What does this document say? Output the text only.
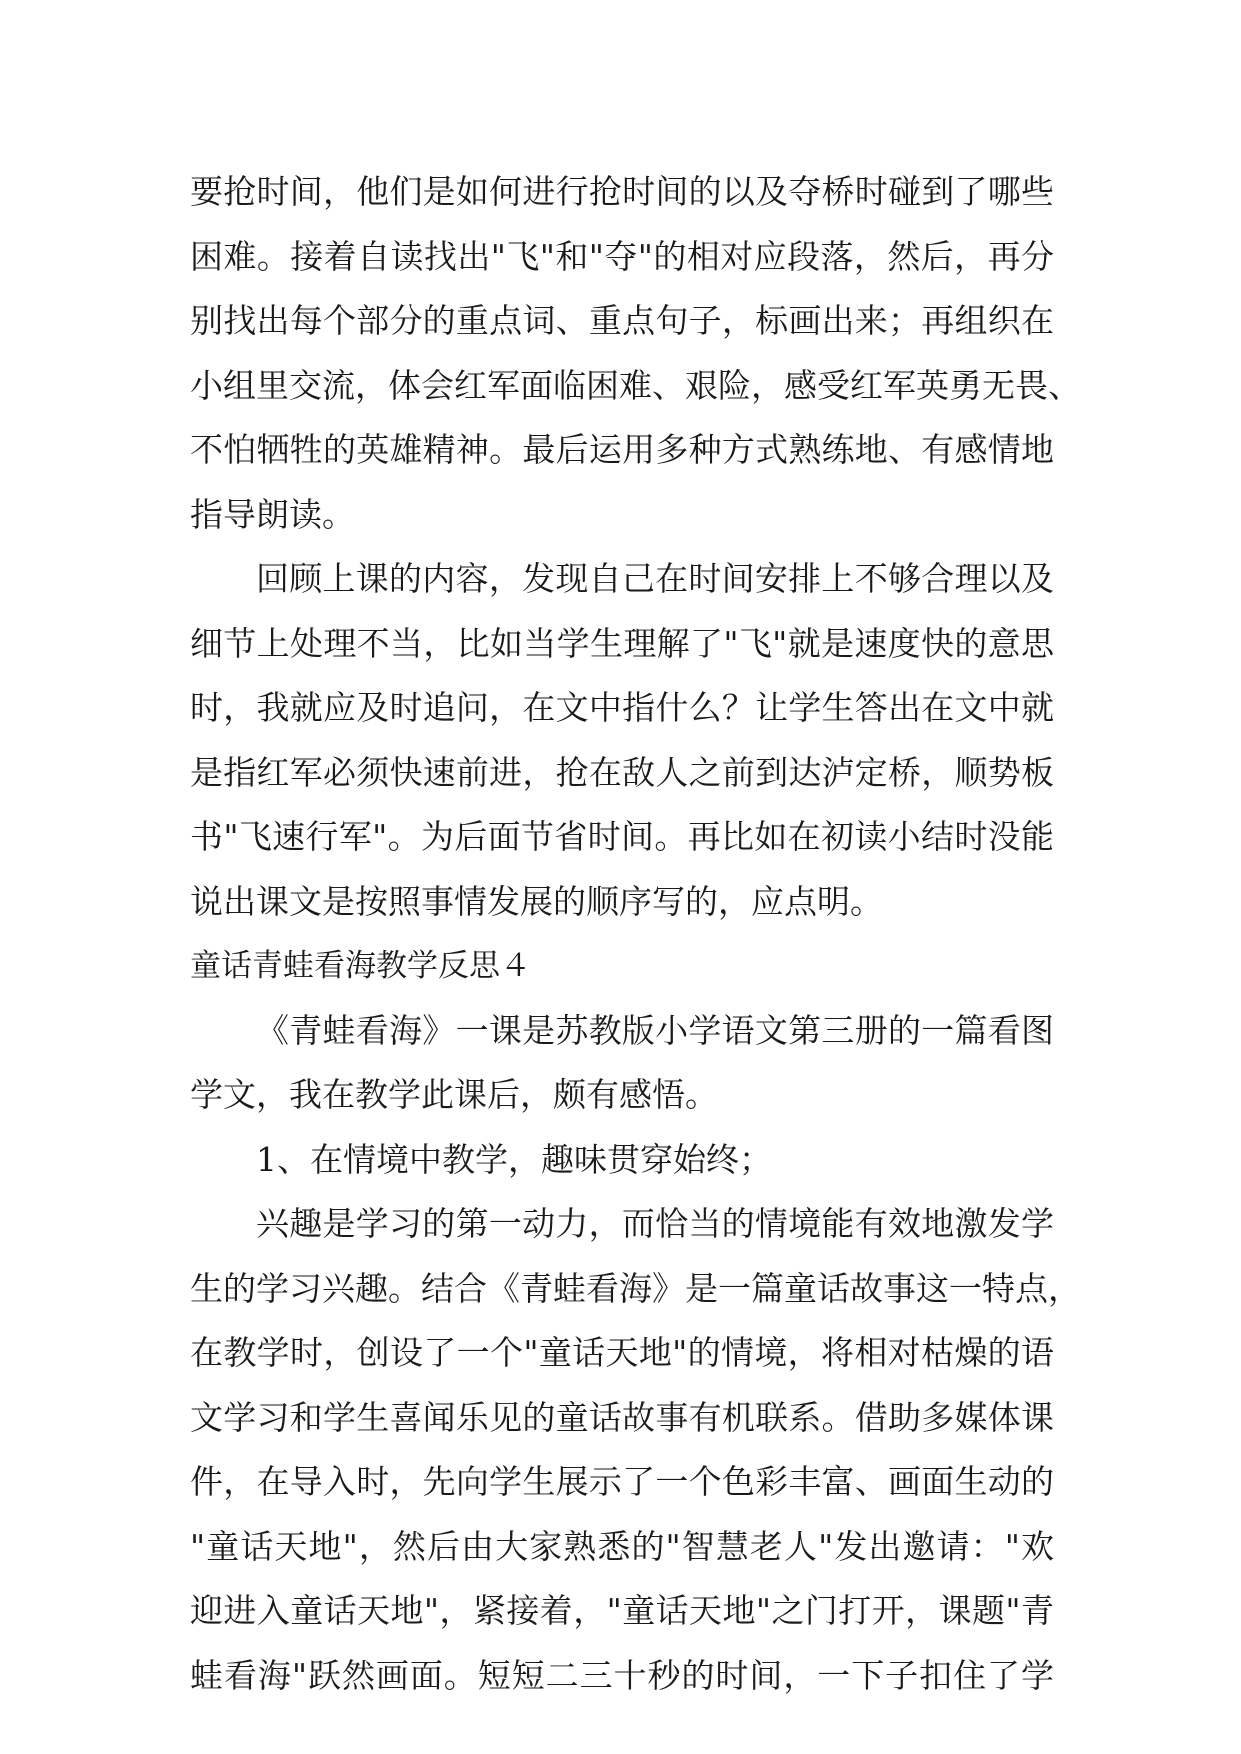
要抢时间，他们是如何进行抢时间的以及夺桥时碰到了哪些
困难。接着自读找出"飞"和"夺"的相对应段落，然后，再分
别找出每个部分的重点词、重点句子，标画出来；再组织在
小组里交流，体会红军面临困难、艰险，感受红军英勇无畏、
不怕牺牲的英雄精神。最后运用多种方式熟练地、有感情地
指导朗读。
回顾上课的内容，发现自己在时间安排上不够合理以及
细节上处理不当，比如当学生理解了"飞"就是速度快的意思
时，我就应及时追问，在文中指什么？让学生答出在文中就
是指红军必须快速前进，抢在敌人之前到达泸定桥，顺势板
书"飞速行军"。为后面节省时间。再比如在初读小结时没能
说出课文是按照事情发展的顺序写的，应点明。
童话青蛙看海教学反思４
《青蛙看海》一课是苏教版小学语文第三册的一篇看图
学文，我在教学此课后，颇有感悟。
1、在情境中教学，趣味贯穿始终；
兴趣是学习的第一动力，而恰当的情境能有效地激发学
生的学习兴趣。结合《青蛙看海》是一篇童话故事这一特点，
在教学时，创设了一个"童话天地"的情境，将相对枯燥的语
文学习和学生喜闻乐见的童话故事有机联系。借助多媒体课
件，在导入时，先向学生展示了一个色彩丰富、画面生动的
"童话天地"，然后由大家熟悉的"智慧老人"发出邀请："欢
迎进入童话天地"，紧接着，"童话天地"之门打开，课题"青
蛙看海"跃然画面。短短二三十秒的时间，一下子扣住了学
